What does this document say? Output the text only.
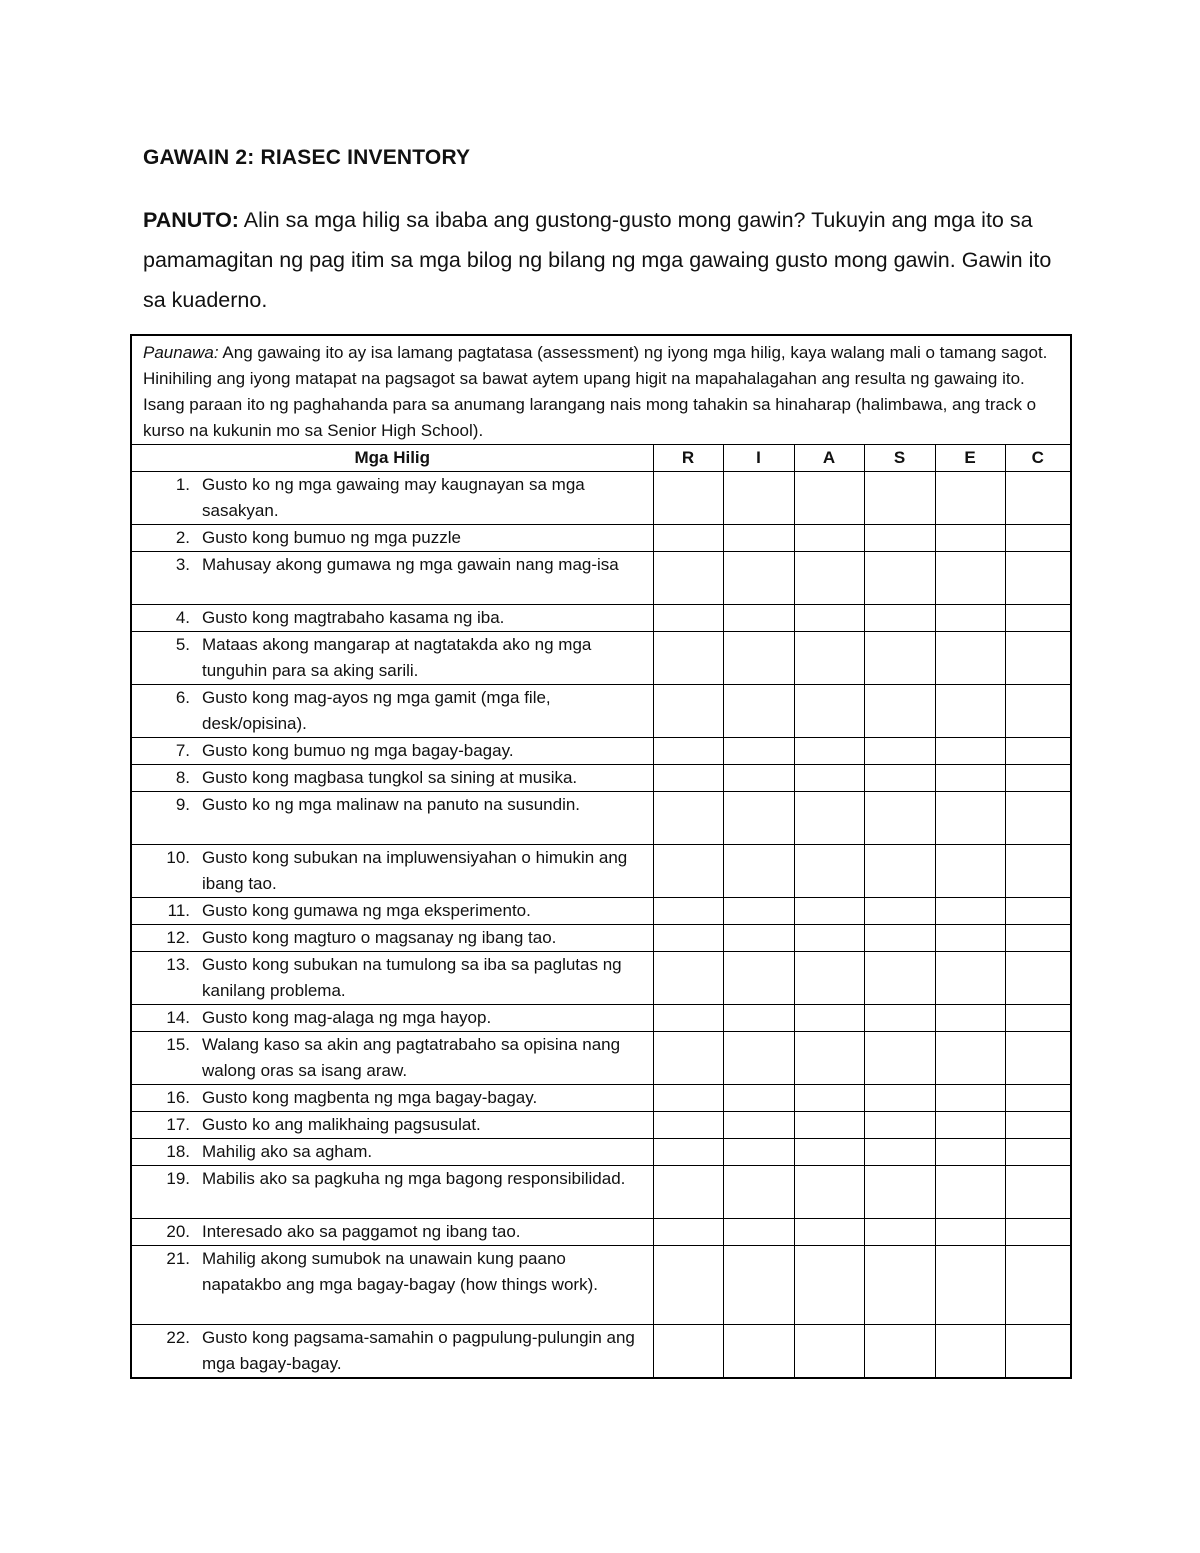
GAWAIN 2: RIASEC INVENTORY

PANUTO: Alin sa mga hilig sa ibaba ang gustong-gusto mong gawin? Tukuyin ang mga ito sa pamamagitan ng pag itim sa mga bilog ng bilang ng mga gawaing gusto mong gawin. Gawin ito sa kuaderno.

Paunawa: Ang gawaing ito ay isa lamang pagtatasa (assessment) ng iyong mga hilig, kaya walang mali o tamang sagot. Hinihiling ang iyong matapat na pagsagot sa bawat aytem upang higit na mapahalagahan ang resulta ng gawaing ito. Isang paraan ito ng paghahanda para sa anumang larangang nais mong tahakin sa hinaharap (halimbawa, ang track o kurso na kukunin mo sa Senior High School).						
Mga Hilig	R	I	A	S	E	C

1. Gusto ko ng mga gawaing may kaugnayan sa mga sasakyan.						

2. Gusto kong bumuo ng mga puzzle						

3. Mahusay akong gumawa ng mga gawain nang mag-isa						

4. Gusto kong magtrabaho kasama ng iba.						

5. Mataas akong mangarap at nagtatakda ako ng mga tunguhin para sa aking sarili.						

6. Gusto kong mag-ayos ng mga gamit (mga file, desk/opisina).						

7. Gusto kong bumuo ng mga bagay-bagay.						

8. Gusto kong magbasa tungkol sa sining at musika.						

9. Gusto ko ng mga malinaw na panuto na susundin.						

10. Gusto kong subukan na impluwensiyahan o himukin ang ibang tao.						

11. Gusto kong gumawa ng mga eksperimento.						

12. Gusto kong magturo o magsanay ng ibang tao.						

13. Gusto kong subukan na tumulong sa iba sa paglutas ng kanilang problema.						

14. Gusto kong mag-alaga ng mga hayop.						

15. Walang kaso sa akin ang pagtatrabaho sa opisina nang walong oras sa isang araw.						

16. Gusto kong magbenta ng mga bagay-bagay.						

17. Gusto ko ang malikhaing pagsusulat.						

18. Mahilig ako sa agham.						

19. Mabilis ako sa pagkuha ng mga bagong responsibilidad.						

20. Interesado ako sa paggamot ng ibang tao.						

21. Mahilig akong sumubok na unawain kung paano napatakbo ang mga bagay-bagay (how things work).						

22. Gusto kong pagsama-samahin o pagpulung-pulungin ang mga bagay-bagay.						
